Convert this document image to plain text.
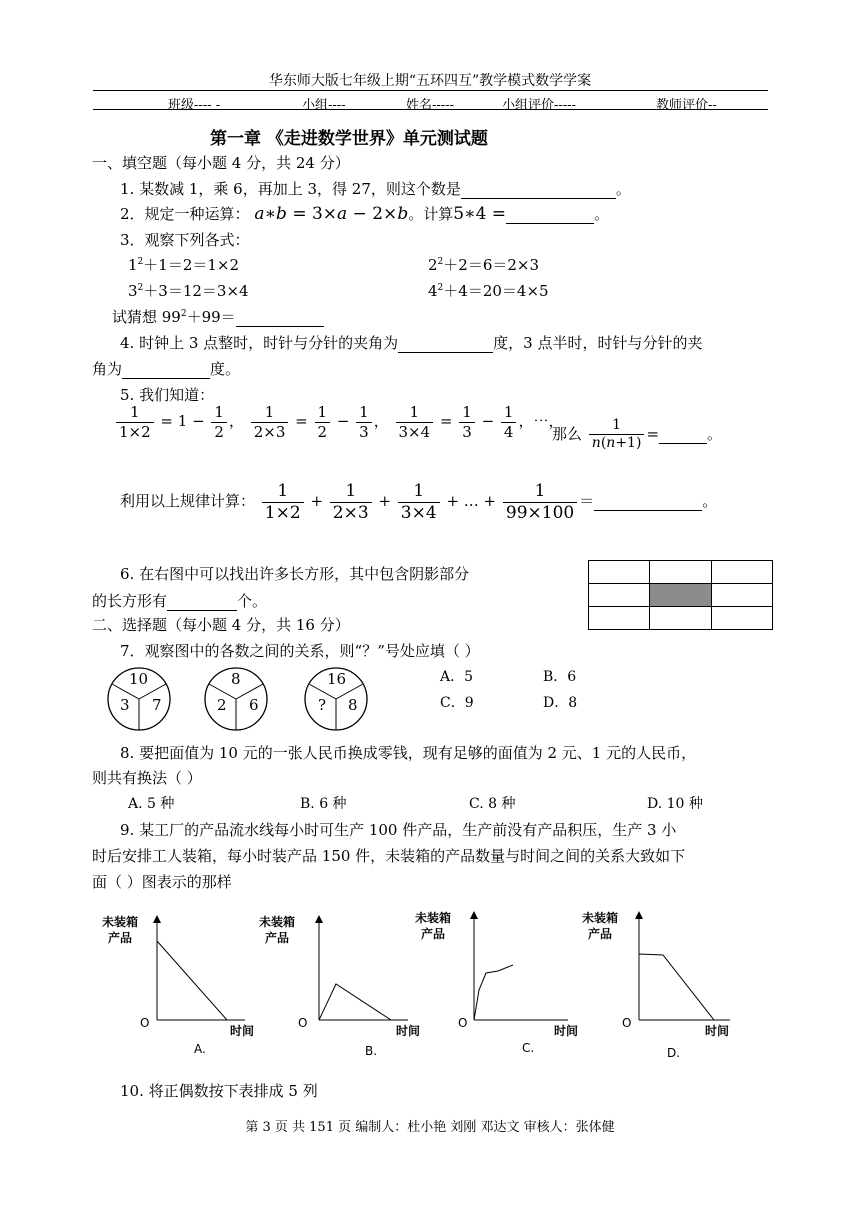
华东师大版七年级上期“五环四互”教学模式数学学案
班级---- -	小组----	姓名-----	小组评价-----	教师评价--
第一章 《走进数学世界》单元测试题
一、填空题（每小题 4 分，共 24 分）
1. 某数减 1，乘 6，再加上 3，得 27，则这个数是	。
2．规定一种运算： a∗b = 3×a − 2×b。计算5∗4 =	。
3．观察下列各式：
$1^2+1=2=1\times 2$	$2^2+2=6=2\times 3$
$3^2+3=12=3\times 4$	$4^2+4=20=4\times 5$
试猜想 $99^2+99=$
4. 时钟上 3 点整时，时针与分针的夹角为	度，3 点半时，时针与分针的夹
角为	度。
5. 我们知道：
$\frac{1}{1\times 2} = 1 - \frac{1}{2}$ ， $\frac{1}{2\times 3} = \frac{1}{2} - \frac{1}{3}$ ， $\frac{1}{3\times 4} = \frac{1}{3} - \frac{1}{4}$ ，⋯，
那么 $\frac{1}{n(n+1)}$ =	。
利用以上规律计算： $\frac{1}{1\times 2} + \frac{1}{2\times 3} + \frac{1}{3\times 4}$ + … + $\frac{1}{99\times 100}$ ＝	。
6. 在右图中可以找出许多长方形，其中包含阴影部分
的长方形有	个。

二、选择题（每小题 4 分，共 16 分）
7．观察图中的各数之间的关系，则“？”号处应填（ ）
10
3 7
8
2 6
16
? 8
A．5	B．6
C．9	D．8
8. 要把面值为 10 元的一张人民币换成零钱，现有足够的面值为 2 元、1 元的人民币，
则共有换法（ ）
A. 5 种	B. 6 种	C. 8 种	D. 10 种
9. 某工厂的产品流水线每小时可生产 100 件产品，生产前没有产品积压，生产 3 小
时后安排工人装箱，每小时装产品 150 件，未装箱的产品数量与时间之间的关系大致如下
面（ ）图表示的那样
未装箱
产品
O
时间
A.
未装箱
产品
O
时间
B.
未装箱
产品
O
时间
C.
未装箱
产品
O
时间
D.
10. 将正偶数按下表排成 5 列
第 3 页 共 151 页 编制人：杜小艳 刘刚 邓达文 审核人：张体健
